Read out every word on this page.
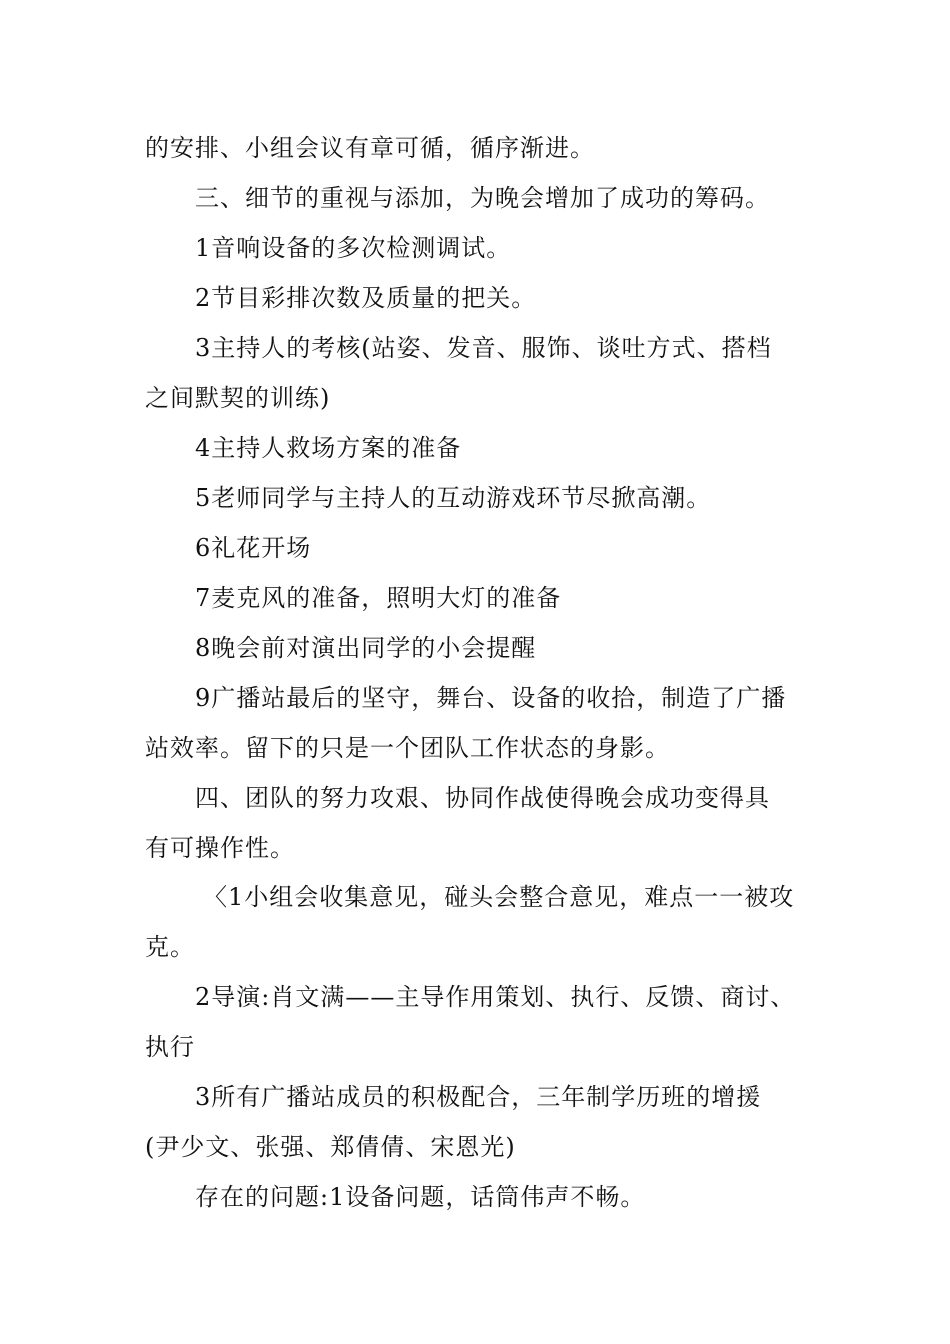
的安排、小组会议有章可循，循序渐进。
三、细节的重视与添加，为晚会增加了成功的筹码。
1音响设备的多次检测调试。
2节目彩排次数及质量的把关。
3主持人的考核(站姿、发音、服饰、谈吐方式、搭档
之间默契的训练)
4主持人救场方案的准备
5老师同学与主持人的互动游戏环节尽掀高潮。
6礼花开场
7麦克风的准备，照明大灯的准备
8晚会前对演出同学的小会提醒
9广播站最后的坚守，舞台、设备的收拾，制造了广播
站效率。留下的只是一个团队工作状态的身影。
四、团队的努力攻艰、协同作战使得晚会成功变得具
有可操作性。
〈1小组会收集意见，碰头会整合意见，难点一一被攻
克。
2导演:肖文满——主导作用策划、执行、反馈、商讨、
执行
3所有广播站成员的积极配合，三年制学历班的增援
(尹少文、张强、郑倩倩、宋恩光)
存在的问题:1设备问题，话筒伟声不畅。
